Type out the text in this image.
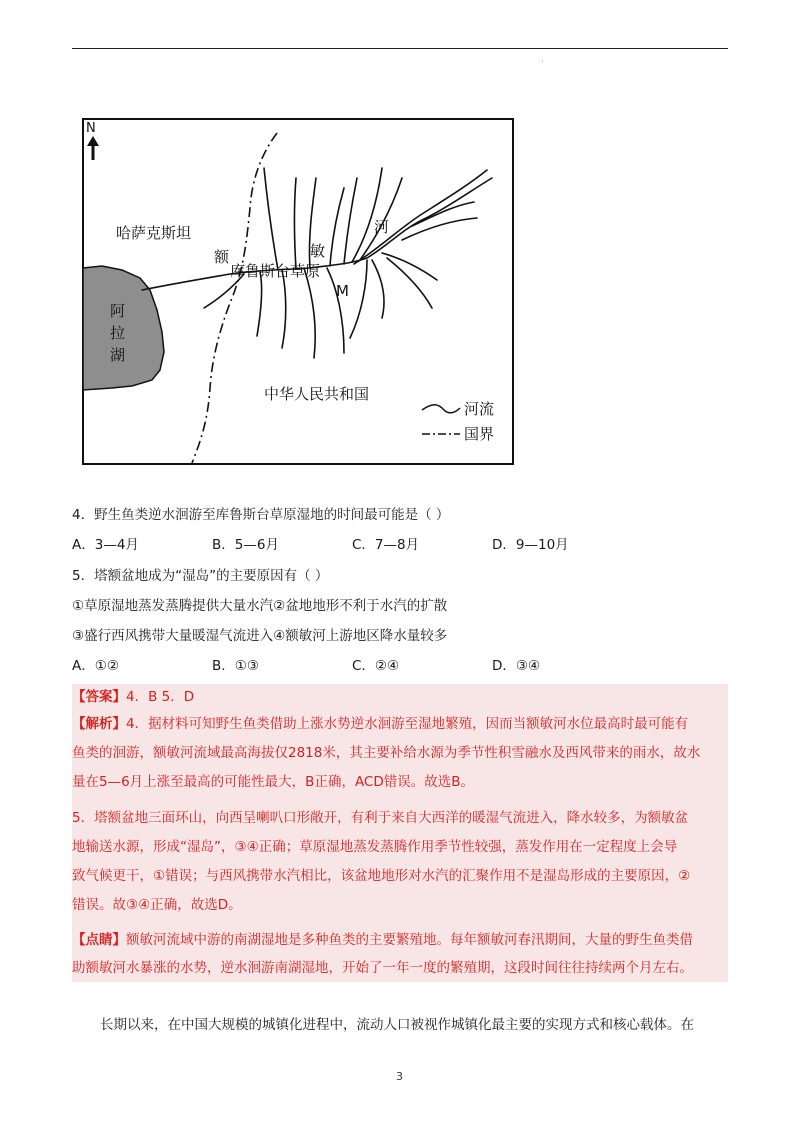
·
N
哈萨克斯坦
额	敏
河
库鲁斯台草原
M
阿
拉
湖
中华人民共和国
河流
国界
4．野生鱼类逆水洄游至库鲁斯台草原湿地的时间最可能是（ ）
A．3—4月	B．5—6月	C．7—8月	D．9—10月
5．塔额盆地成为“湿岛”的主要原因有（ ）
①草原湿地蒸发蒸腾提供大量水汽②盆地地形不利于水汽的扩散
③盛行西风携带大量暖湿气流进入④额敏河上游地区降水量较多
A．①②	B．①③	C．②④	D．③④
【答案】4．B 5．D
【解析】4．据材料可知野生鱼类借助上涨水势逆水洄游至湿地繁殖，因而当额敏河水位最高时最可能有
鱼类的洄游，额敏河流域最高海拔仅2818米，其主要补给水源为季节性积雪融水及西风带来的雨水，故水
量在5—6月上涨至最高的可能性最大，B正确，ACD错误。故选B。
5．塔额盆地三面环山，向西呈喇叭口形敞开，有利于来自大西洋的暖湿气流进入，降水较多，为额敏盆
地输送水源，形成“湿岛”，③④正确；草原湿地蒸发蒸腾作用季节性较强，蒸发作用在一定程度上会导
致气候更干，①错误；与西风携带水汽相比，该盆地地形对水汽的汇聚作用不是湿岛形成的主要原因，②
错误。故③④正确，故选D。
【点睛】额敏河流域中游的南湖湿地是多种鱼类的主要繁殖地。每年额敏河春汛期间，大量的野生鱼类借
助额敏河水暴涨的水势，逆水洄游南湖湿地，开始了一年一度的繁殖期，这段时间往往持续两个月左右。
长期以来，在中国大规模的城镇化进程中，流动人口被视作城镇化最主要的实现方式和核心载体。在
3
